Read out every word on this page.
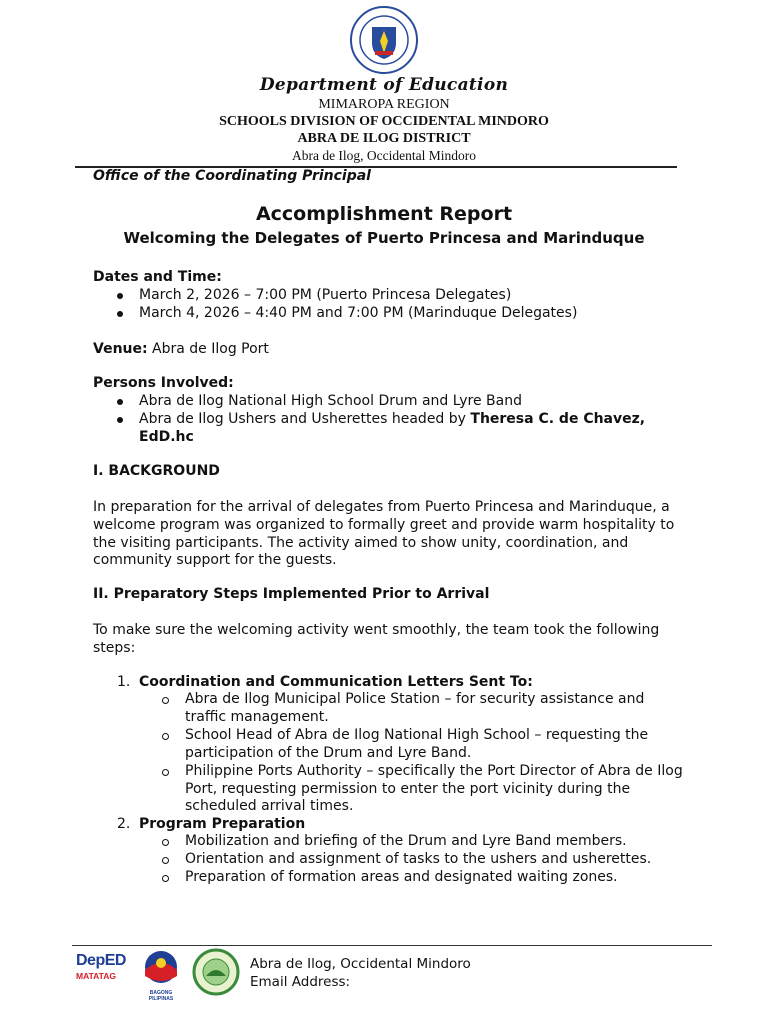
Department of Education
MIMAROPA REGION
SCHOOLS DIVISION OF OCCIDENTAL MINDORO
ABRA DE ILOG DISTRICT
Abra de Ilog, Occidental Mindoro
Office of the Coordinating Principal
Accomplishment Report
Welcoming the Delegates of Puerto Princesa and Marinduque
Dates and Time:
March 2, 2026 – 7:00 PM (Puerto Princesa Delegates)
March 4, 2026 – 4:40 PM and 7:00 PM (Marinduque Delegates)
Venue: Abra de Ilog Port
Persons Involved:
Abra de Ilog National High School Drum and Lyre Band
Abra de Ilog Ushers and Usherettes headed by Theresa C. de Chavez,
EdD.hc
I. BACKGROUND
In preparation for the arrival of delegates from Puerto Princesa and Marinduque, a
welcome program was organized to formally greet and provide warm hospitality to
the visiting participants. The activity aimed to show unity, coordination, and
community support for the guests.
II. Preparatory Steps Implemented Prior to Arrival
To make sure the welcoming activity went smoothly, the team took the following
steps:
1. Coordination and Communication Letters Sent To:
Abra de Ilog Municipal Police Station – for security assistance and
traffic management.
School Head of Abra de Ilog National High School – requesting the
participation of the Drum and Lyre Band.
Philippine Ports Authority – specifically the Port Director of Abra de Ilog
Port, requesting permission to enter the port vicinity during the
scheduled arrival times.
2. Program Preparation
Mobilization and briefing of the Drum and Lyre Band members.
Orientation and assignment of tasks to the ushers and usherettes.
Preparation of formation areas and designated waiting zones.
DepED
MATATAG
BAGONG PILIPINAS
Abra de Ilog, Occidental Mindoro
Email Address:
